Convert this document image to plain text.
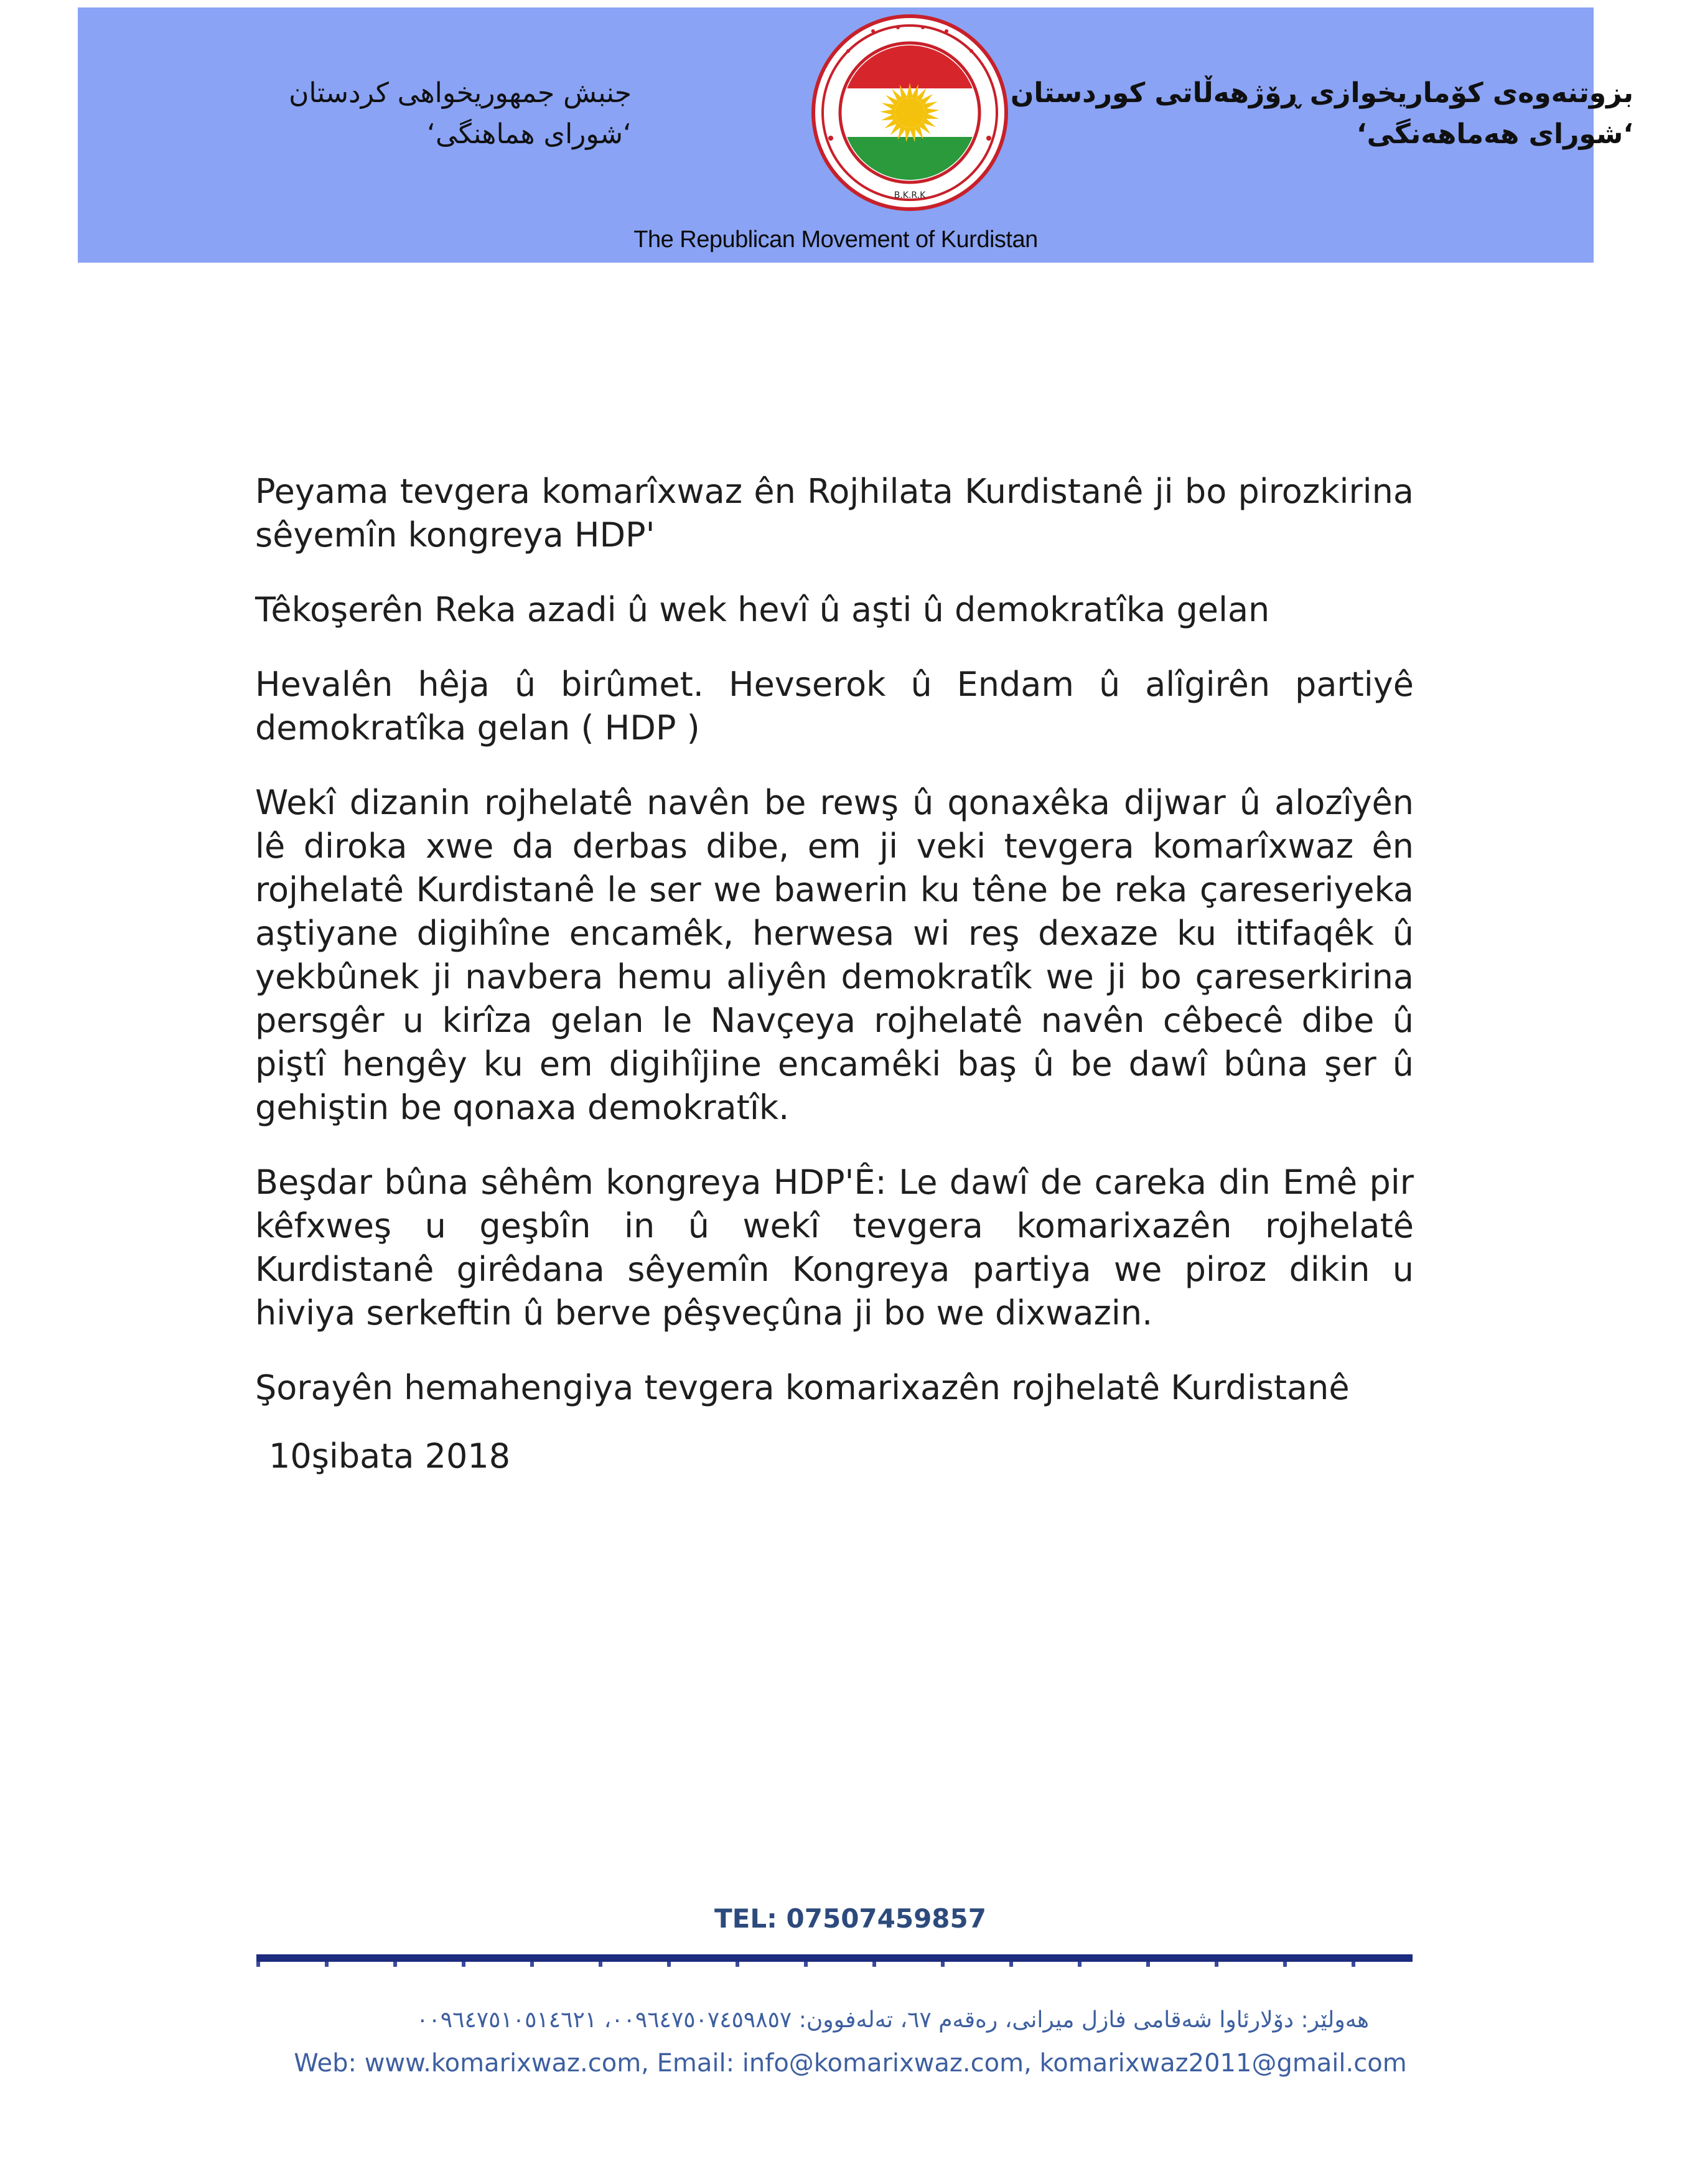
جنبش جمهوریخواهی کردستان
‘شورای هماهنگی‘
B.K.R.K
بزوتنەوەی کۆماریخوازی ڕۆژهەڵاتی کوردستان
‘شورای هەماهەنگی‘
The Republican Movement of Kurdistan

Peyama tevgera komarîxwaz ên Rojhilata Kurdistanê ji bo pirozkirina sêyemîn kongreya HDP'

Têkoşerên Reka azadi û wek hevî û aşti û demokratîka gelan

Hevalên hêja û birûmet. Hevserok û Endam û alîgirên partiyê demokratîka gelan ( HDP )

Wekî dizanin rojhelatê navên be rewş û qonaxêka dijwar û alozîyên lê diroka xwe da derbas dibe, em ji veki tevgera komarîxwaz ên rojhelatê Kurdistanê le ser we bawerin ku têne be reka çareseriyeka aştiyane digihîne encamêk, herwesa wi reş dexaze ku ittifaqêk û yekbûnek ji navbera hemu aliyên demokratîk we ji bo çareserkirina persgêr u kirîza gelan le Navçeya rojhelatê navên cêbecê dibe û piştî hengêy ku em digihîjine encamêki baş û be dawî bûna şer û gehiştin be qonaxa demokratîk.

Beşdar bûna sêhêm kongreya HDP'Ê: Le dawî de careka din Emê pir kêfxweş u geşbîn in û wekî tevgera komarixazên rojhelatê Kurdistanê girêdana sêyemîn Kongreya partiya we piroz dikin u hiviya serkeftin û berve pêşveçûna ji bo we dixwazin.

Şorayên hemahengiya tevgera komarixazên rojhelatê Kurdistanê

10şibata 2018

TEL: 07507459857
هەولێر: دۆلارئاوا شەقامی فازل میرانی، رەقەم ٦٧، تەلەفوون: ٠٠٩٦٤٧٥٠٧٤٥٩٨٥٧، ٠٠٩٦٤٧٥١٠٥١٤٦٢١
Web: www.komarixwaz.com, Email: info@komarixwaz.com, komarixwaz2011@gmail.com
